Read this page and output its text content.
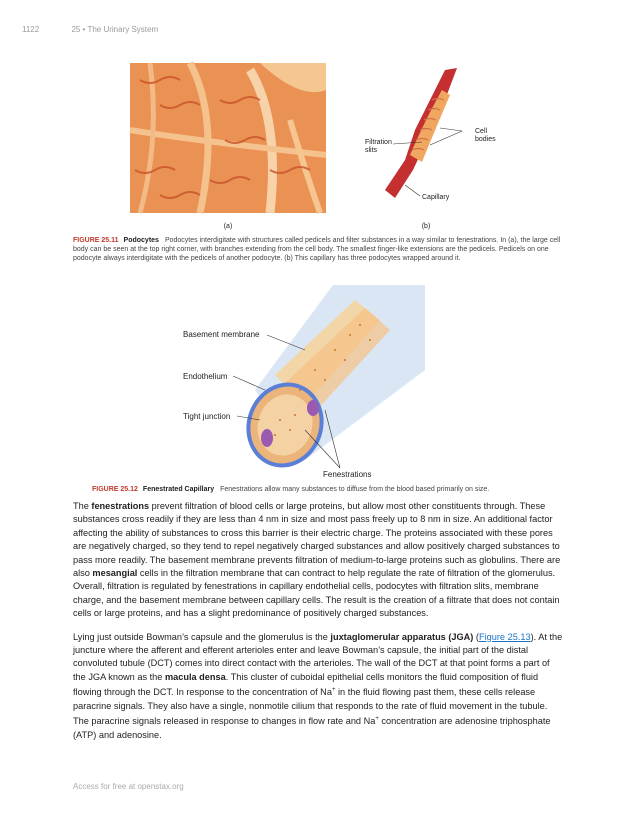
1122	25 • The Urinary System
(a)
Cell
bodies
Filtration
slits
Capillary
(b)
FIGURE 25.11 Podocytes Podocytes interdigitate with structures called pedicels and filter substances in a way similar to fenestrations. In (a), the large cell body can be seen at the top right corner, with branches extending from the cell body. The smallest finger-like extensions are the pedicels. Pedicels on one podocyte always interdigitate with the pedicels of another podocyte. (b) This capillary has three podocytes wrapped around it.
Basement membrane
Endothelium
Tight junction
Fenestrations
FIGURE 25.12 Fenestrated Capillary Fenestrations allow many substances to diffuse from the blood based primarily on size.

The fenestrations prevent filtration of blood cells or large proteins, but allow most other constituents through. These substances cross readily if they are less than 4 nm in size and most pass freely up to 8 nm in size. An additional factor affecting the ability of substances to cross this barrier is their electric charge. The proteins associated with these pores are negatively charged, so they tend to repel negatively charged substances and allow positively charged substances to pass more readily. The basement membrane prevents filtration of medium-to-large proteins such as globulins. There are also mesangial cells in the filtration membrane that can contract to help regulate the rate of filtration of the glomerulus. Overall, filtration is regulated by fenestrations in capillary endothelial cells, podocytes with filtration slits, membrane charge, and the basement membrane between capillary cells. The result is the creation of a filtrate that does not contain cells or large proteins, and has a slight predominance of positively charged substances.

Lying just outside Bowman’s capsule and the glomerulus is the juxtaglomerular apparatus (JGA) (Figure 25.13). At the juncture where the afferent and efferent arterioles enter and leave Bowman’s capsule, the initial part of the distal convoluted tubule (DCT) comes into direct contact with the arterioles. The wall of the DCT at that point forms a part of the JGA known as the macula densa. This cluster of cuboidal epithelial cells monitors the fluid composition of fluid flowing through the DCT. In response to the concentration of Na+ in the fluid flowing past them, these cells release paracrine signals. They also have a single, nonmotile cilium that responds to the rate of fluid movement in the tubule. The paracrine signals released in response to changes in flow rate and Na+ concentration are adenosine triphosphate (ATP) and adenosine.

Access for free at openstax.org
